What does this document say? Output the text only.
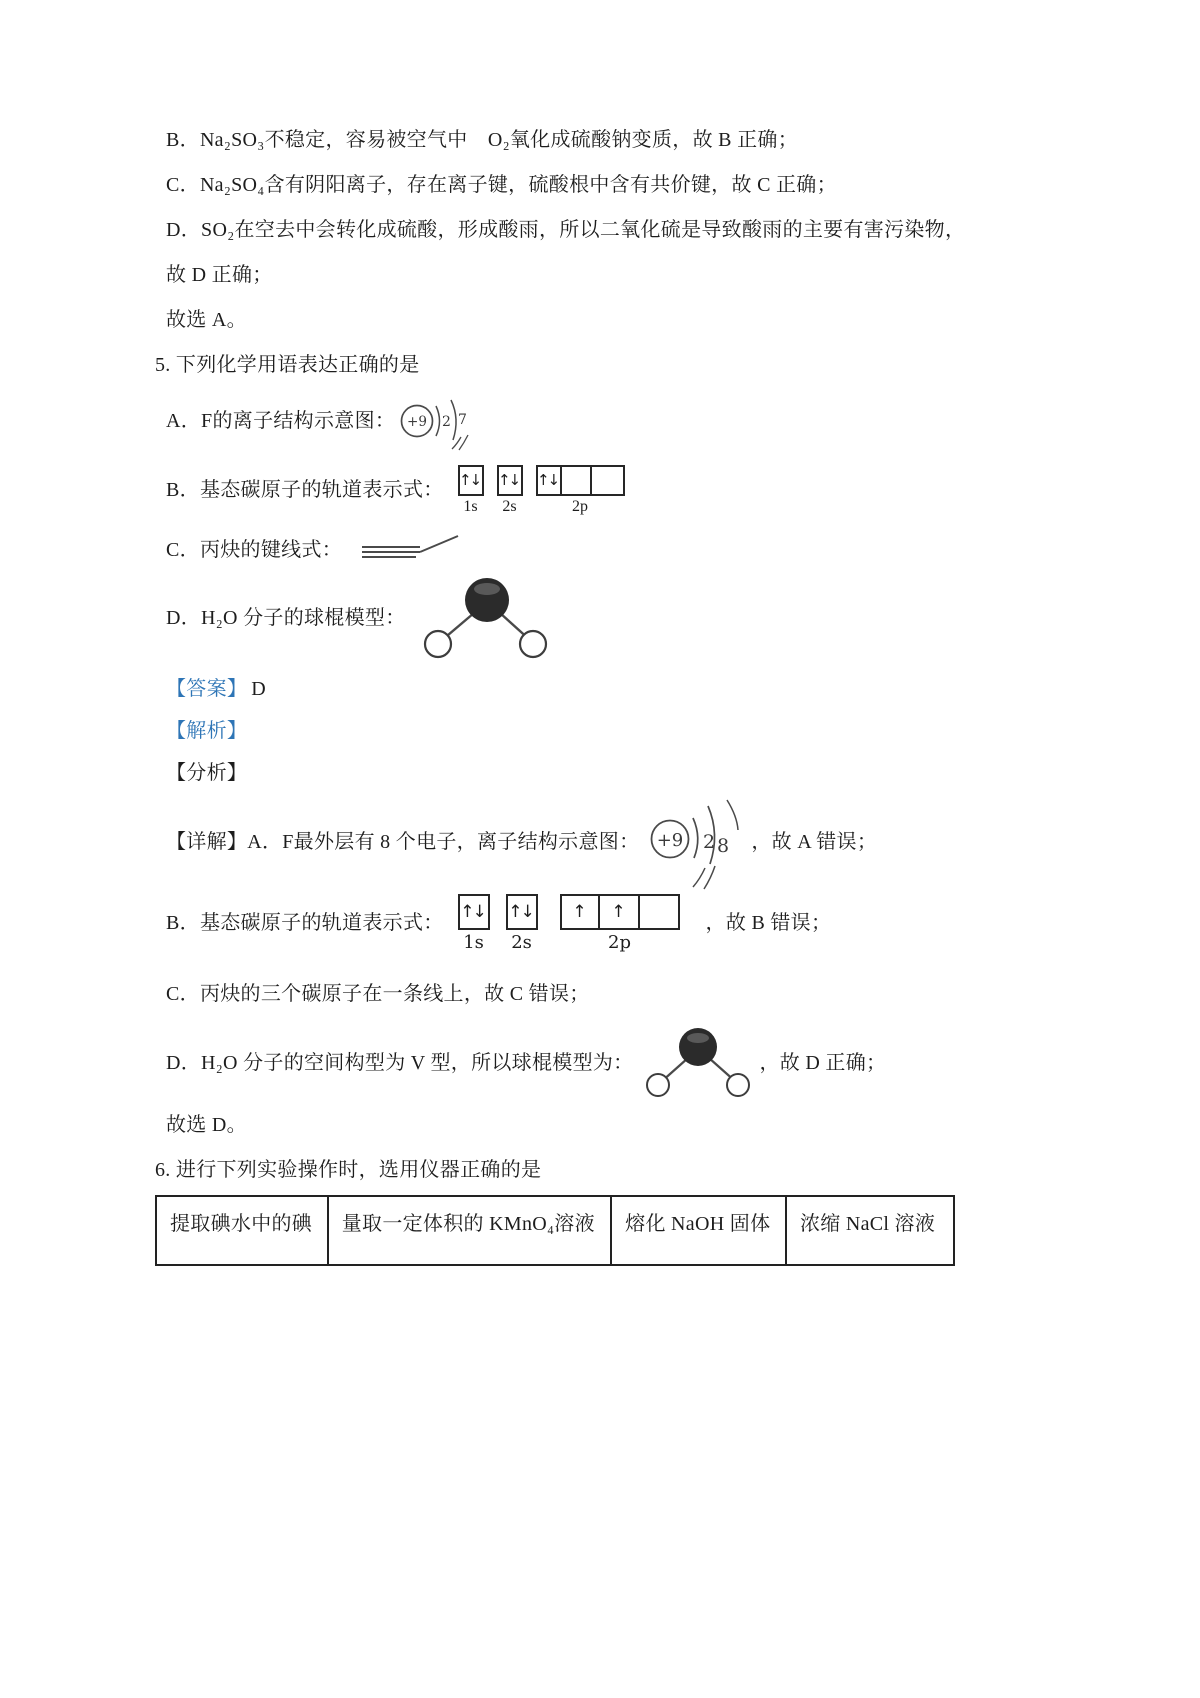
B．Na₂SO₃不稳定，容易被空气中　O₂氧化成硫酸钠变质，故 B 正确；

C．Na₂SO₄含有阴阳离子，存在离子键，硫酸根中含有共价键，故 C 正确；

D．SO₂在空去中会转化成硫酸，形成酸雨，所以二氧化硫是导致酸雨的主要有害污染物，

故 D 正确；

故选 A。

5. 下列化学用语表达正确的是

A．F的离子结构示意图： +9 2 7
B．基态碳原子的轨道表示式： ↑↓
1s
↑↓
2s
↑↓
2p
C．丙炔的键线式：
D．H₂O 分子的球棍模型：

【答案】 D

【解析】

【分析】

【详解】A．F最外层有 8 个电子，离子结构示意图： +9 2 8 ，故 A 错误；
B．基态碳原子的轨道表示式：
↑↓
1s
↑↓
2s
↑	↑
2p
，故 B 错误；

C．丙炔的三个碳原子在一条线上，故 C 错误；

D．H₂O 分子的空间构型为 V 型，所以球棍模型为：	，故 D 正确；

故选 D。

6. 进行下列实验操作时，选用仪器正确的是

提取碘水中的碘	量取一定体积的 KMnO₄溶液	熔化 NaOH 固体	浓缩 NaCl 溶液
